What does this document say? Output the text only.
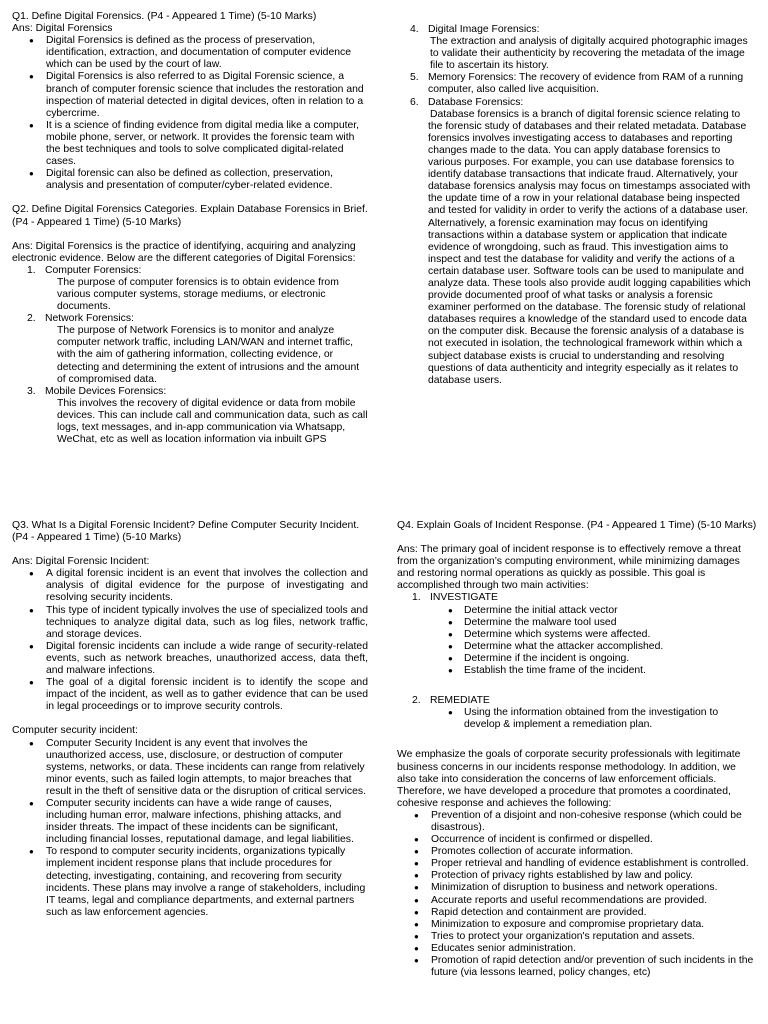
Q1. Define Digital Forensics. (P4 - Appeared 1 Time) (5-10 Marks)

Ans: Digital Forensics

● Digital Forensics is defined as the process of preservation, identification, extraction, and documentation of computer evidence which can be used by the court of law.
● Digital Forensics is also referred to as Digital Forensic science, a branch of computer forensic science that includes the restoration and inspection of material detected in digital devices, often in relation to a cybercrime.
● It is a science of finding evidence from digital media like a computer, mobile phone, server, or network. It provides the forensic team with the best techniques and tools to solve complicated digital-related cases.
● Digital forensic can also be defined as collection, preservation, analysis and presentation of computer/cyber-related evidence.

Q2. Define Digital Forensics Categories. Explain Database Forensics in Brief. (P4 - Appeared 1 Time) (5-10 Marks)

Ans: Digital Forensics is the practice of identifying, acquiring and analyzing electronic evidence. Below are the different categories of Digital Forensics:

1. Computer Forensics:

The purpose of computer forensics is to obtain evidence from various computer systems, storage mediums, or electronic documents.

2. Network Forensics:

The purpose of Network Forensics is to monitor and analyze computer network traffic, including LAN/WAN and internet traffic, with the aim of gathering information, collecting evidence, or detecting and determining the extent of intrusions and the amount of compromised data.

3. Mobile Devices Forensics:

This involves the recovery of digital evidence or data from mobile devices. This can include call and communication data, such as call logs, text messages, and in-app communication via Whatsapp, WeChat, etc as well as location information via inbuilt GPS

4. Digital Image Forensics:

The extraction and analysis of digitally acquired photographic images to validate their authenticity by recovering the metadata of the image file to ascertain its history.

5. Memory Forensics: The recovery of evidence from RAM of a running computer, also called live acquisition.

6. Database Forensics:

Database forensics is a branch of digital forensic science relating to the forensic study of databases and their related metadata. Database forensics involves investigating access to databases and reporting changes made to the data. You can apply database forensics to various purposes. For example, you can use database forensics to identify database transactions that indicate fraud. Alternatively, your database forensics analysis may focus on timestamps associated with the update time of a row in your relational database being inspected and tested for validity in order to verify the actions of a database user. Alternatively, a forensic examination may focus on identifying transactions within a database system or application that indicate evidence of wrongdoing, such as fraud. This investigation aims to inspect and test the database for validity and verify the actions of a certain database user. Software tools can be used to manipulate and analyze data. These tools also provide audit logging capabilities which provide documented proof of what tasks or analysis a forensic examiner performed on the database. The forensic study of relational databases requires a knowledge of the standard used to encode data on the computer disk. Because the forensic analysis of a database is not executed in isolation, the technological framework within which a subject database exists is crucial to understanding and resolving questions of data authenticity and integrity especially as it relates to database users.

Q3. What Is a Digital Forensic Incident? Define Computer Security Incident. (P4 - Appeared 1 Time) (5-10 Marks)

Ans: Digital Forensic Incident:

● A digital forensic incident is an event that involves the collection and analysis of digital evidence for the purpose of investigating and resolving security incidents.
● This type of incident typically involves the use of specialized tools and techniques to analyze digital data, such as log files, network traffic, and storage devices.
● Digital forensic incidents can include a wide range of security-related events, such as network breaches, unauthorized access, data theft, and malware infections.
● The goal of a digital forensic incident is to identify the scope and impact of the incident, as well as to gather evidence that can be used in legal proceedings or to improve security controls.

Computer security incident:

● Computer Security Incident is any event that involves the unauthorized access, use, disclosure, or destruction of computer systems, networks, or data. These incidents can range from relatively minor events, such as failed login attempts, to major breaches that result in the theft of sensitive data or the disruption of critical services.
● Computer security incidents can have a wide range of causes, including human error, malware infections, phishing attacks, and insider threats. The impact of these incidents can be significant, including financial losses, reputational damage, and legal liabilities.
● To respond to computer security incidents, organizations typically implement incident response plans that include procedures for detecting, investigating, containing, and recovering from security incidents. These plans may involve a range of stakeholders, including IT teams, legal and compliance departments, and external partners such as law enforcement agencies.

Q4. Explain Goals of Incident Response. (P4 - Appeared 1 Time) (5-10 Marks)

Ans: The primary goal of incident response is to effectively remove a threat from the organization’s computing environment, while minimizing damages and restoring normal operations as quickly as possible. This goal is accomplished through two main activities:

1. INVESTIGATE

● Determine the initial attack vector
● Determine the malware tool used
● Determine which systems were affected.
● Determine what the attacker accomplished.
● Determine if the incident is ongoing.
● Establish the time frame of the incident.
2. REMEDIATE

● Using the information obtained from the investigation to develop & implement a remediation plan.

We emphasize the goals of corporate security professionals with legitimate business concerns in our incidents response methodology. In addition, we also take into consideration the concerns of law enforcement officials. Therefore, we have developed a procedure that promotes a coordinated, cohesive response and achieves the following:

● Prevention of a disjoint and non-cohesive response (which could be disastrous).
● Occurrence of incident is confirmed or dispelled.
● Promotes collection of accurate information.
● Proper retrieval and handling of evidence establishment is controlled.
● Protection of privacy rights established by law and policy.
● Minimization of disruption to business and network operations.
● Accurate reports and useful recommendations are provided.
● Rapid detection and containment are provided.
● Minimization to exposure and compromise proprietary data.
● Tries to protect your organization's reputation and assets.
● Educates senior administration.
● Promotion of rapid detection and/or prevention of such incidents in the future (via lessons learned, policy changes, etc)
